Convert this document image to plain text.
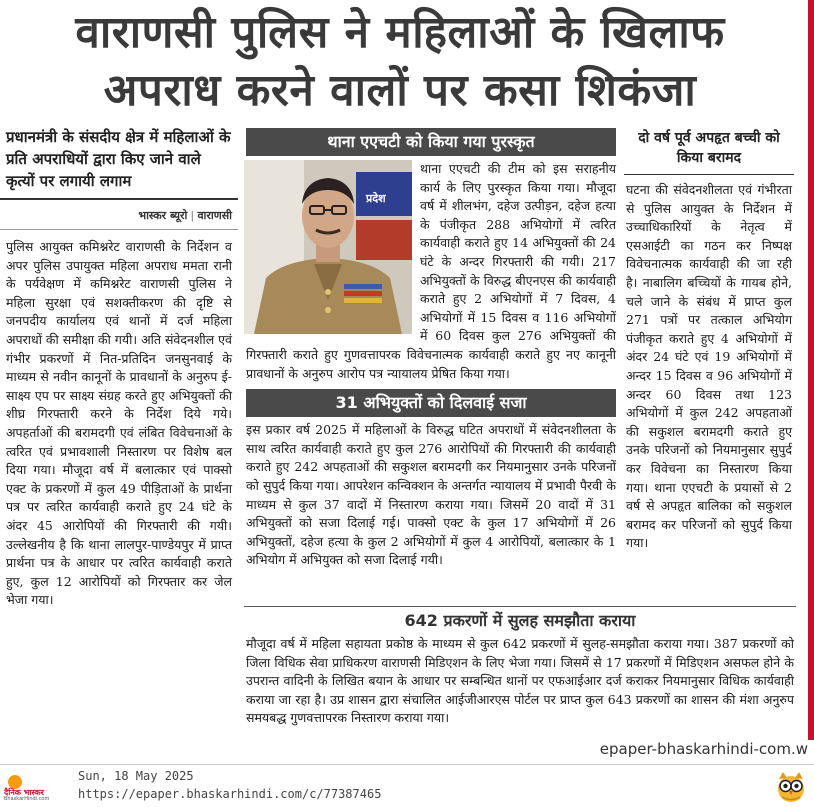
वाराणसी पुलिस ने महिलाओं के खिलाफ
अपराध करने वालों पर कसा शिकंजा
प्रधानमंत्री के संसदीय क्षेत्र में महिलाओं के प्रति अपराधियों द्वारा किए जाने वाले कृत्यों पर लगायी लगाम
भास्कर ब्यूरो | वाराणसी
पुलिस आयुक्त कमिश्नरेट वाराणसी के निर्देशन व अपर पुलिस उपायुक्त महिला अपराध ममता रानी के पर्यवेक्षण में कमिश्नरेट वाराणसी पुलिस ने महिला सुरक्षा एवं सशक्तीकरण की दृष्टि से जनपदीय कार्यालय एवं थानों में दर्ज महिला अपराधों की समीक्षा की गयी। अति संवेदनशील एवं गंभीर प्रकरणों में नित-प्रतिदिन जनसुनवाई के माध्यम से नवीन कानूनों के प्रावधानों के अनुरुप ई-साक्ष्य एप पर साक्ष्य संग्रह करते हुए अभियुक्तों की शीघ्र गिरफ्तारी करने के निर्देश दिये गये। अपहर्ताओं की बरामदगी एवं लंबित विवेचनाओं के त्वरित एवं प्रभावशाली निस्तारण पर विशेष बल दिया गया। मौजूदा वर्ष में बलात्कार एवं पाक्सो एक्ट के प्रकरणों में कुल 49 पीड़िताओं के प्रार्थना पत्र पर त्वरित कार्यवाही कराते हुए 24 घंटे के अंदर 45 आरोपियों की गिरफ्तारी की गयी। उल्लेखनीय है कि थाना लालपुर-पाण्डेयपुर में प्राप्त प्रार्थना पत्र के आधार पर त्वरित कार्यवाही कराते हुए, कुल 12 आरोपियों को गिरफ्तार कर जेल भेजा गया।
थाना एएचटी को किया गया पुरस्कृत
प्रदेश
थाना एएचटी की टीम को इस सराहनीय कार्य के लिए पुरस्कृत किया गया। मौजूदा वर्ष में शीलभंग, दहेज उत्पीड़न, दहेज हत्या के पंजीकृत 288 अभियोगों में त्वरित कार्यवाही कराते हुए 14 अभियुक्तों की 24 घंटे के अन्दर गिरफ्तारी की गयी। 217 अभियुक्तों के विरुद्ध बीएनएस की कार्यवाही कराते हुए 2 अभियोगों में 7 दिवस, 4 अभियोगों में 15 दिवस व 116 अभियोगों में 60 दिवस कुल 276 अभियुक्तों की गिरफ्तारी कराते हुए गुणवत्तापरक विवेचनात्मक कार्यवाही कराते हुए नए कानूनी प्रावधानों के अनुरुप आरोप पत्र न्यायालय प्रेषित किया गया।
31 अभियुक्तों को दिलवाई सजा
इस प्रकार वर्ष 2025 में महिलाओं के विरुद्ध घटित अपराधों में संवेदनशीलता के साथ त्वरित कार्यवाही कराते हुए कुल 276 आरोपियों की गिरफ्तारी की कार्यवाही कराते हुए 242 अपहताओं की सकुशल बरामदगी कर नियमानुसार उनके परिजनों को सुपुर्द किया गया। आपरेशन कन्विक्शन के अन्तर्गत न्यायालय में प्रभावी पैरवी के माध्यम से कुल 37 वादों में निस्तारण कराया गया। जिसमें 20 वादों में 31 अभियुक्तों को सजा दिलाई गई। पाक्सो एक्ट के कुल 17 अभियोगों में 26 अभियुक्तों, दहेज हत्या के कुल 2 अभियोगों में कुल 4 आरोपियों, बलात्कार के 1 अभियोग में अभियुक्त को सजा दिलाई गयी।
दो वर्ष पूर्व अपहृत बच्ची को किया बरामद
घटना की संवेदनशीलता एवं गंभीरता से पुलिस आयुक्त के निर्देशन में उच्चाधिकारियों के नेतृत्व में एसआईटी का गठन कर निष्पक्ष विवेचनात्मक कार्यवाही की जा रही है। नाबालिग बच्चियों के गायब होने, चले जाने के संबंध में प्राप्त कुल 271 पत्रों पर तत्काल अभियोग पंजीकृत कराते हुए 4 अभियोगों में अंदर 24 घंटे एवं 19 अभियोगों में अन्दर 15 दिवस व 96 अभियोगों में अन्दर 60 दिवस तथा 123 अभियोगों में कुल 242 अपहताओं की सकुशल बरामदगी कराते हुए उनके परिजनों को नियमानुसार सुपुर्द कर विवेचना का निस्तारण किया गया। थाना एएचटी के प्रयासों से 2 वर्ष से अपहृत बालिका को सकुशल बरामद कर परिजनों को सुपुर्द किया गया।
642 प्रकरणों में सुलह समझौता कराया
मौजूदा वर्ष में महिला सहायता प्रकोष्ठ के माध्यम से कुल 642 प्रकरणों में सुलह-समझौता कराया गया। 387 प्रकरणों को जिला विधिक सेवा प्राधिकरण वाराणसी मिडिएशन के लिए भेजा गया। जिसमें से 17 प्रकरणों में मिडिएशन असफल होने के उपरान्त वादिनी के लिखित बयान के आधार पर सम्बन्धित थानों पर एफआईआर दर्ज कराकर नियमानुसार विधिक कार्यवाही कराया जा रहा है। उप्र शासन द्वारा संचालित आईजीआरएस पोर्टल पर प्राप्त कुल 643 प्रकरणों का शासन की मंशा अनुरुप समयबद्ध गुणवत्तापरक निस्तारण कराया गया।
epaper-bhaskarhindi-com.w
दैनिक भास्कर
BhaskarHindi.com
Sun, 18 May 2025
https://epaper.bhaskarhindi.com/c/77387465
